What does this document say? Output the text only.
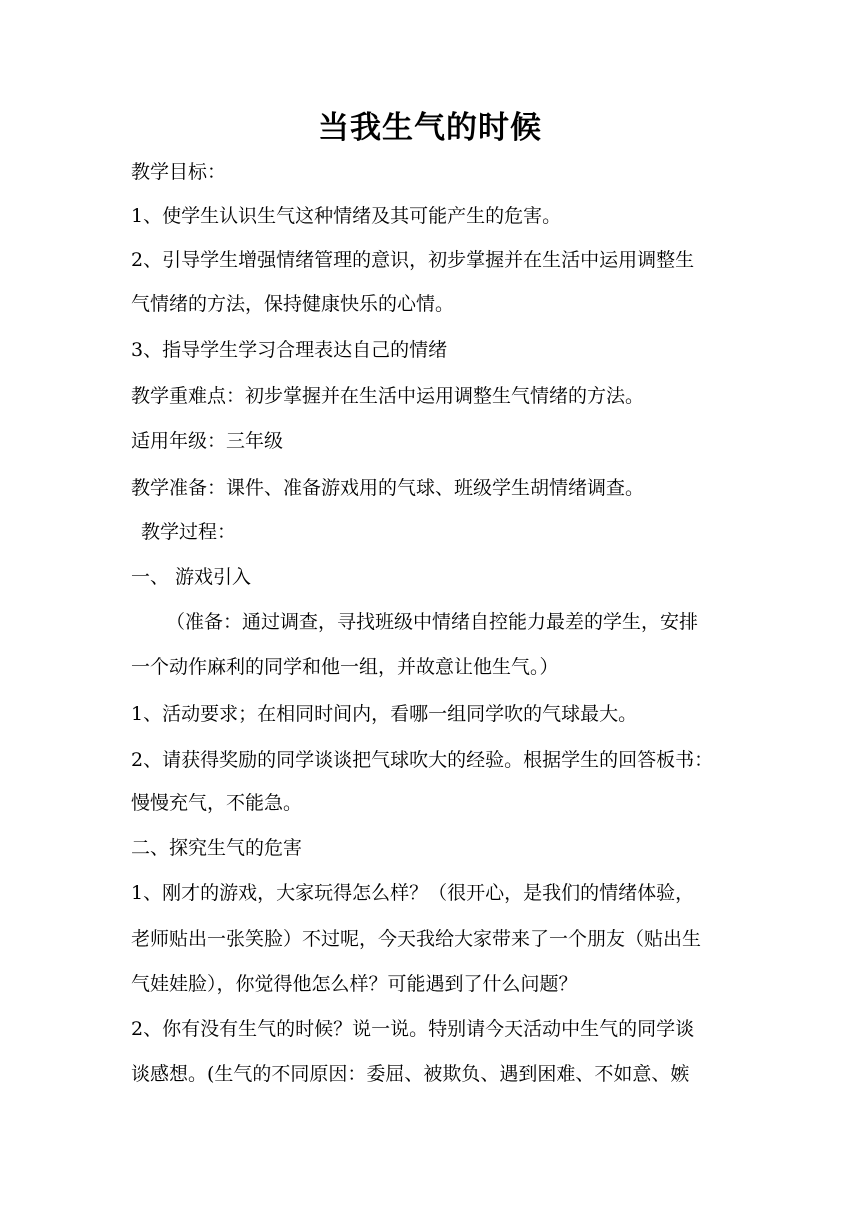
当我生气的时候
教学目标：
1、使学生认识生气这种情绪及其可能产生的危害。
2、引导学生增强情绪管理的意识，初步掌握并在生活中运用调整生
气情绪的方法，保持健康快乐的心情。
3、指导学生学习合理表达自己的情绪
教学重难点：初步掌握并在生活中运用调整生气情绪的方法。
适用年级：三年级
教学准备：课件、准备游戏用的气球、班级学生胡情绪调查。
教学过程：
一、 游戏引入
（准备：通过调查，寻找班级中情绪自控能力最差的学生，安排
一个动作麻利的同学和他一组，并故意让他生气。）
1、活动要求；在相同时间内，看哪一组同学吹的气球最大。
2、请获得奖励的同学谈谈把气球吹大的经验。根据学生的回答板书：
慢慢充气，不能急。
二、探究生气的危害
1、刚才的游戏，大家玩得怎么样？（很开心，是我们的情绪体验，
老师贴出一张笑脸）不过呢，今天我给大家带来了一个朋友（贴出生
气娃娃脸），你觉得他怎么样？可能遇到了什么问题？
2、你有没有生气的时候？说一说。特别请今天活动中生气的同学谈
谈感想。(生气的不同原因：委屈、被欺负、遇到困难、不如意、嫉
